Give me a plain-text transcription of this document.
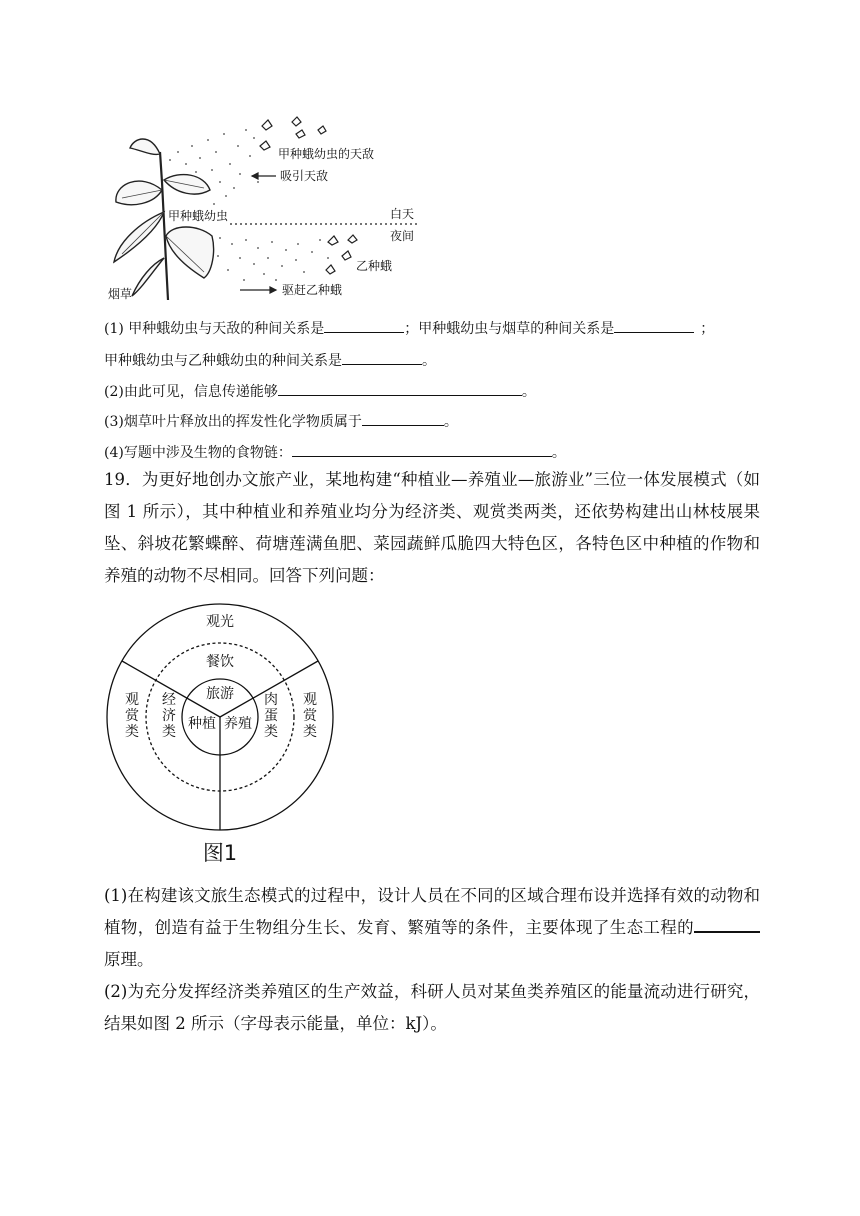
甲种蛾幼虫的天敌
吸引天敌
甲种蛾幼虫	白天
夜间
乙种蛾
驱赶乙种蛾
烟草
(1) 甲种蛾幼虫与天敌的种间关系是	；甲种蛾幼虫与烟草的种间关系是	；
甲种蛾幼虫与乙种蛾幼虫的种间关系是	。
(2)由此可见，信息传递能够	。
(3)烟草叶片释放出的挥发性化学物质属于	。
(4)写题中涉及生物的食物链：	。
19．为更好地创办文旅产业，某地构建“种植业—养殖业—旅游业”三位一体发展模式（如图 1 所示），其中种植业和养殖业均分为经济类、观赏类两类，还依势构建出山林枝展果坠、斜坡花繁蝶醉、荷塘莲满鱼肥、菜园蔬鲜瓜脆四大特色区，各特色区中种植的作物和养殖的动物不尽相同。回答下列问题：
观光
餐饮
旅游
种植 养殖
观
赏
类
经
济
类
肉
蛋
类
观
赏
类
图1
(1)在构建该文旅生态模式的过程中，设计人员在不同的区域合理布设并选择有效的动物和植物，创造有益于生物组分生长、发育、繁殖等的条件，主要体现了生态工程的原理。
(2)为充分发挥经济类养殖区的生产效益，科研人员对某鱼类养殖区的能量流动进行研究，结果如图 2 所示（字母表示能量，单位：kJ）。
